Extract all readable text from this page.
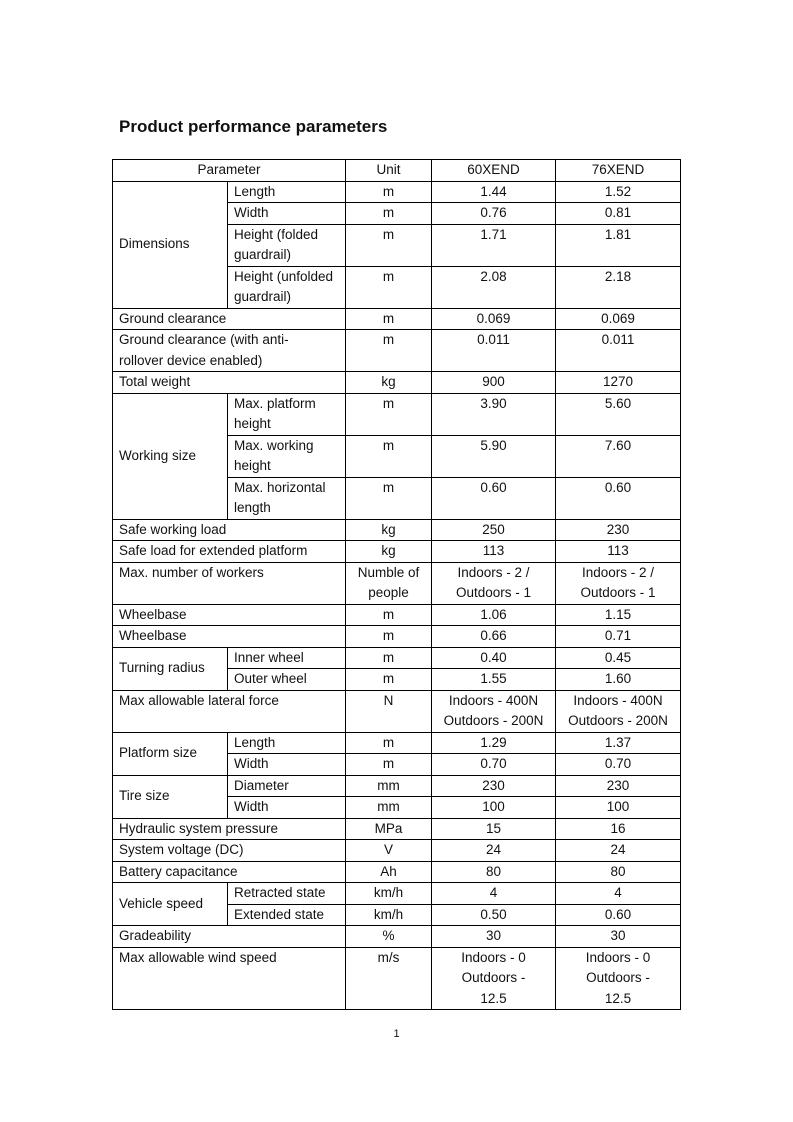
Product performance parameters
Parameter		Unit	60XEND	76XEND
Dimensions	Length	m	1.44	1.52
	Width	m	0.76	0.81
	Height (folded guardrail)	m	1.71	1.81
	Height (unfolded guardrail)	m	2.08	2.18
Ground clearance		m	0.069	0.069
Ground clearance (with anti-rollover device enabled)		m	0.011	0.011
Total weight		kg	900	1270
Working size	Max. platform height	m	3.90	5.60
	Max. working height	m	5.90	7.60
	Max. horizontal length	m	0.60	0.60
Safe working load		kg	250	230
Safe load for extended platform		kg	113	113
Max. number of workers		Numble of people	Indoors - 2 / Outdoors - 1	Indoors - 2 / Outdoors - 1
Wheelbase		m	1.06	1.15
Wheelbase		m	0.66	0.71
Turning radius	Inner wheel	m	0.40	0.45
	Outer wheel	m	1.55	1.60
Max allowable lateral force		N	Indoors - 400N Outdoors - 200N	Indoors - 400N Outdoors - 200N
Platform size	Length	m	1.29	1.37
	Width	m	0.70	0.70
Tire size	Diameter	mm	230	230
	Width	mm	100	100
Hydraulic system pressure		MPa	15	16
System voltage (DC)		V	24	24
Battery capacitance		Ah	80	80
Vehicle speed	Retracted state	km/h	4	4
	Extended state	km/h	0.50	0.60
Gradeability		%	30	30
Max allowable wind speed		m/s	Indoors - 0 Outdoors - 12.5	Indoors - 0 Outdoors - 12.5
1
